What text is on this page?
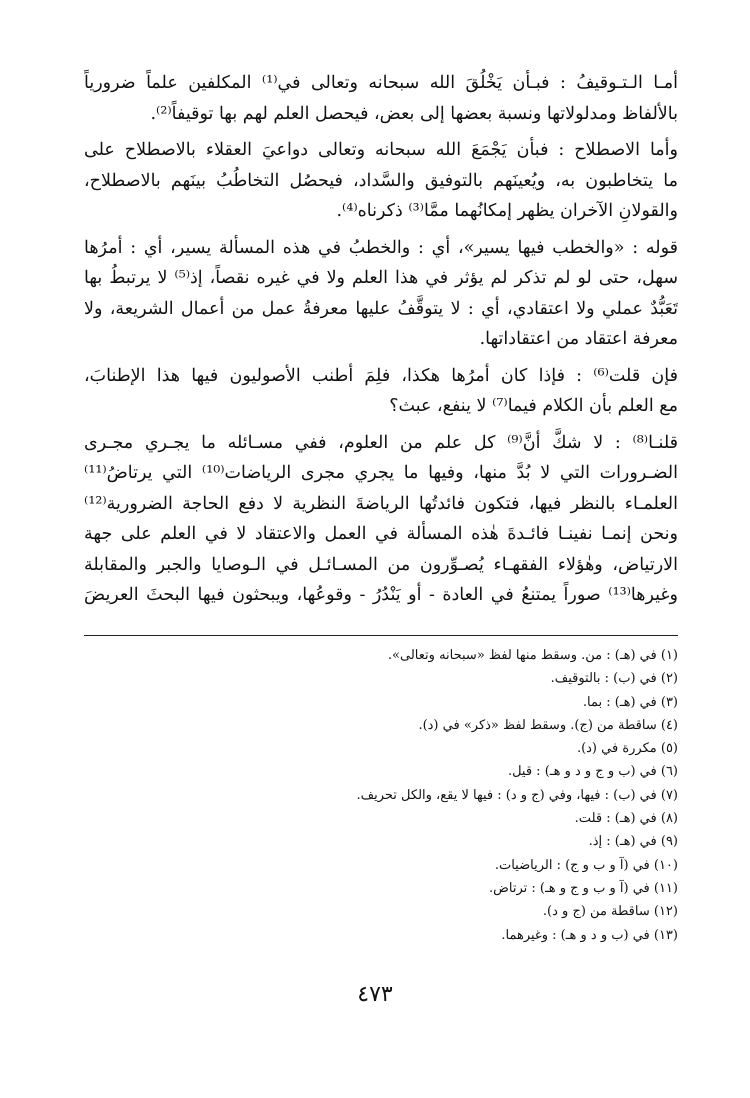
أمـا الـتـوقيفُ : فبـأن يَخْلُقَ الله سبحانه وتعالى في⁽¹⁾ المكلفين علماً ضرورياً
بالألفاظ ومدلولاتها ونسبة بعضها إلى بعض، فيحصل العلم لهم بها توقيفاً⁽²⁾.
وأما الاصطلاح : فبأن يَجْمَعَ الله سبحانه وتعالى دواعيَ العقلاء بالاصطلاح على
ما يتخاطبون به، ويُعينَهم بالتوفيق والسَّداد، فيحصُل التخاطُبُ بينَهم بالاصطلاح،
والقولانِ الآخران يظهر إمكانُهما ممَّا⁽³⁾ ذكرناه⁽⁴⁾.
قوله : «والخطب فيها يسير»، أي : والخطبُ في هذه المسألة يسير، أي : أمرُها
سهل، حتى لو لم تذكر لم يؤثر في هذا العلم ولا في غيره نقصاً، إذ⁽⁵⁾ لا يرتبطُ بها
تَعَبُّدٌ عملي ولا اعتقادي، أي : لا يتوقَّفُ عليها معرفةُ عمل من أعمال الشريعة، ولا
معرفة اعتقاد من اعتقاداتها.
فإن قلت⁽⁶⁾ : فإذا كان أمرُها هكذا، فلِمَ أطنب الأصوليون فيها هذا الإطنابَ،
مع العلم بأن الكلام فيما⁽⁷⁾ لا ينفع، عبث؟
قلنـا⁽⁸⁾ : لا شكَّ أنَّ⁽⁹⁾ كل علم من العلوم، ففي مسـائله ما يجـري مجـرى
الضـرورات التي لا بُدَّ منها، وفيها ما يجري مجرى الرياضات⁽¹⁰⁾ التي يرتاضُ⁽¹¹⁾
العلمـاء بالنظر فيها، فتكون فائدتُها الرياضةَ النظرية لا دفع الحاجة الضرورية⁽¹²⁾
ونحن إنمـا نفينـا فائـدةَ هٰذه المسألة في العمل والاعتقاد لا في العلم على جهة
الارتياض، وهٰؤلاء الفقهـاء يُصـوِّرون من المسـائـل في الـوصايا والجبر والمقابلة
وغيرها⁽¹³⁾ صوراً يمتنعُ في العادة - أو يَنْدُرُ - وقوعُها، ويبحثون فيها البحثَ العريضَ
(١) في (هـ) : من. وسقط منها لفظ «سبحانه وتعالى».
(٢) في (ب) : بالتوقيف.
(٣) في (هـ) : بما.
(٤) ساقطة من (ج). وسقط لفظ «ذكر» في (د).
(٥) مكررة في (د).
(٦) في (ب و ج و د و هـ) : قيل.
(٧) في (ب) : فيها، وفي (ج و د) : فيها لا يقع، والكل تحريف.
(٨) في (هـ) : قلت.
(٩) في (هـ) : إذ.
(١٠) في (آ و ب و ج) : الرياضيات.
(١١) في (آ و ب و ج و هـ) : ترتاض.
(١٢) ساقطة من (ج و د).
(١٣) في (ب و د و هـ) : وغيرهما.
٤٧٣
